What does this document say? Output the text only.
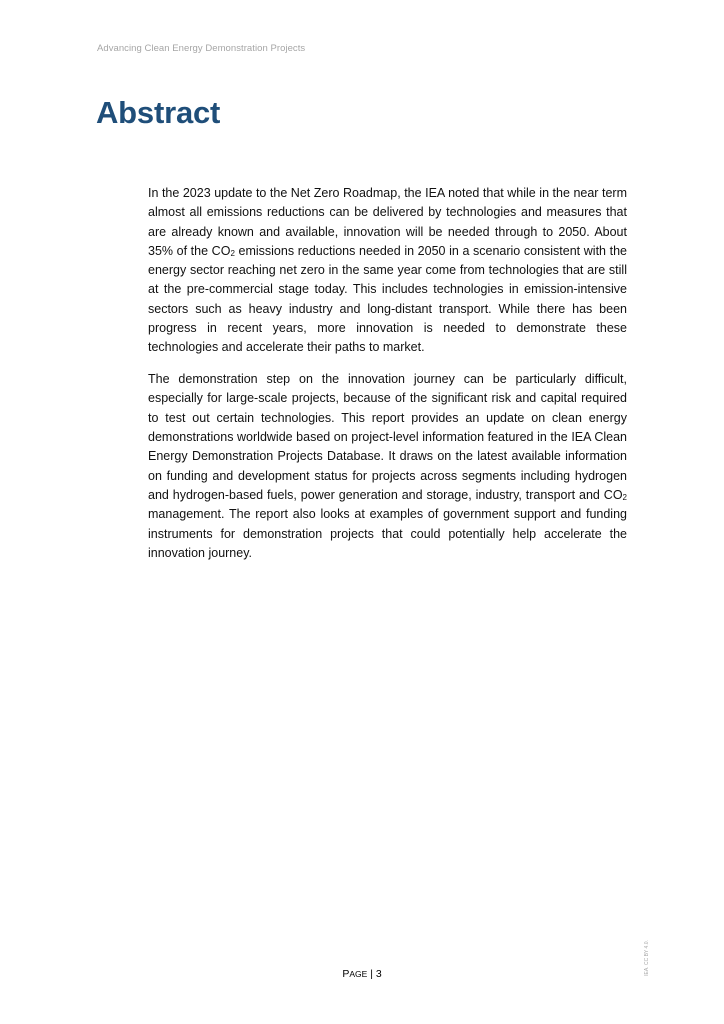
Advancing Clean Energy Demonstration Projects
Abstract

In the 2023 update to the Net Zero Roadmap, the IEA noted that while in the near term almost all emissions reductions can be delivered by technologies and measures that are already known and available, innovation will be needed through to 2050. About 35% of the $CO_2$ emissions reductions needed in 2050 in a scenario consistent with the energy sector reaching net zero in the same year come from technologies that are still at the pre-commercial stage today. This includes technologies in emission-intensive sectors such as heavy industry and long-distant transport. While there has been progress in recent years, more innovation is needed to demonstrate these technologies and accelerate their paths to market.

The demonstration step on the innovation journey can be particularly difficult, especially for large-scale projects, because of the significant risk and capital required to test out certain technologies. This report provides an update on clean energy demonstrations worldwide based on project-level information featured in the IEA Clean Energy Demonstration Projects Database. It draws on the latest available information on funding and development status for projects across segments including hydrogen and hydrogen-based fuels, power generation and storage, industry, transport and $CO_2$ management. The report also looks at examples of government support and funding instruments for demonstration projects that could potentially help accelerate the innovation journey.

IEA. CC BY 4.0.
PAGE | 3
